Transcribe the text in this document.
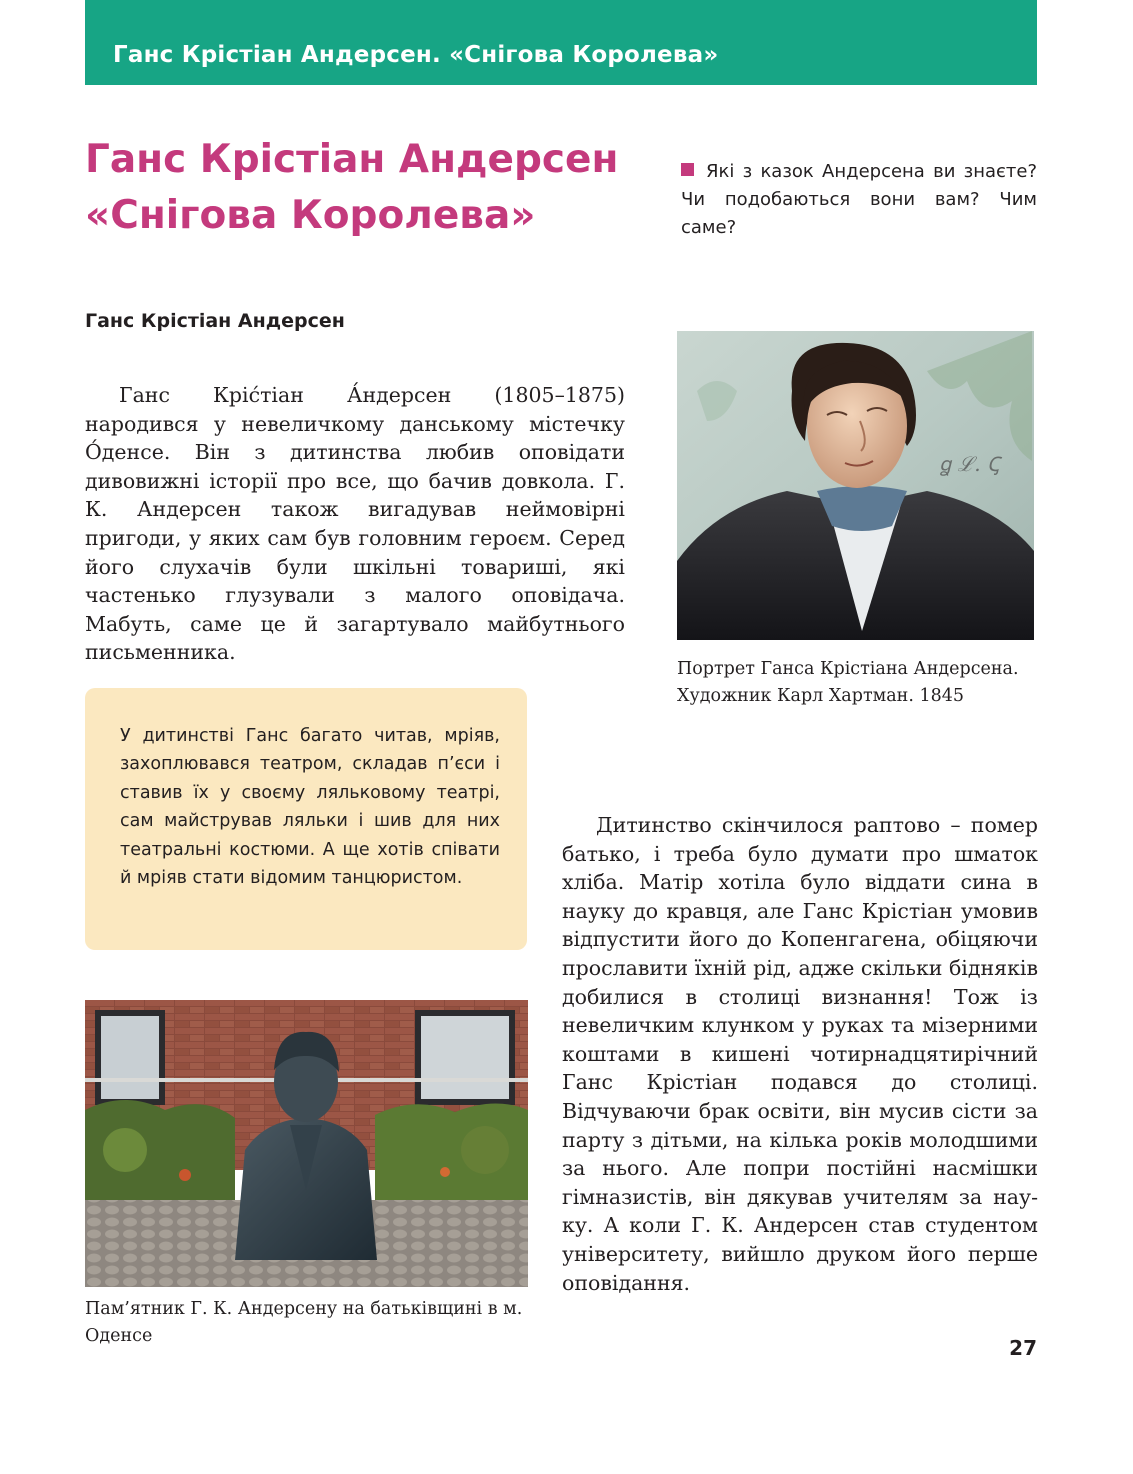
Ганс Крістіан Андерсен. «Снігова Королева»
Ганс Крістіан Андерсен
«Снігова Королева»

Які з казок Андерсена ви знаєте? Чи подобаються вони вам? Чим саме?

Ганс Крістіан Андерсен

Ганс Кріс́тіан А́ндерсен (1805–1875) народився у невеличкому данському містечку О́денсе. Він з дитинства любив оповідати дивовижні історії про все, що бачив довкола. Г. К. Андерсен також вигадував неймовірні пригоди, у яких сам був головним героєм. Серед його слухачів були шкільні товариші, які частенько глузували з малого оповідача. Мабуть, саме це й загартувало майбутнього письменника.

ꬶ ℒ. Ꞔ

Портрет Ганса Крістіана Андерсена. Художник Карл Хартман. 1845

У дитинстві Ганс багато читав, мріяв, захоплювався театром, складав п’єси і ставив їх у своєму ляльковому театрі, сам майстрував ляльки і шив для них театральні костюми. А ще хотів співати й мріяв стати відомим танцюристом.

Дитинство скінчилося раптово – помер батько, і треба було думати про шматок хліба. Матір хотіла було віддати сина в науку до кравця, але Ганс Крістіан умовив відпустити його до Копенгагена, обіцяючи прославити їхній рід, адже скільки бідняків добилися в столиці визнання! Тож із невеличким клунком у руках та мізерними коштами в кишені чотирнадцятирічний Ганс Крістіан подався до столиці. Відчуваючи брак освіти, він мусив сісти за парту з дітьми, на кілька років молодшими за нього. Але попри постійні насмішки гімназистів, він дякував учителям за науку. А коли Г. К. Андерсен став студентом університету, вийшло друком його перше оповідання.

Пам’ятник Г. К. Андерсену на батьківщині в м. Оденсе	27
